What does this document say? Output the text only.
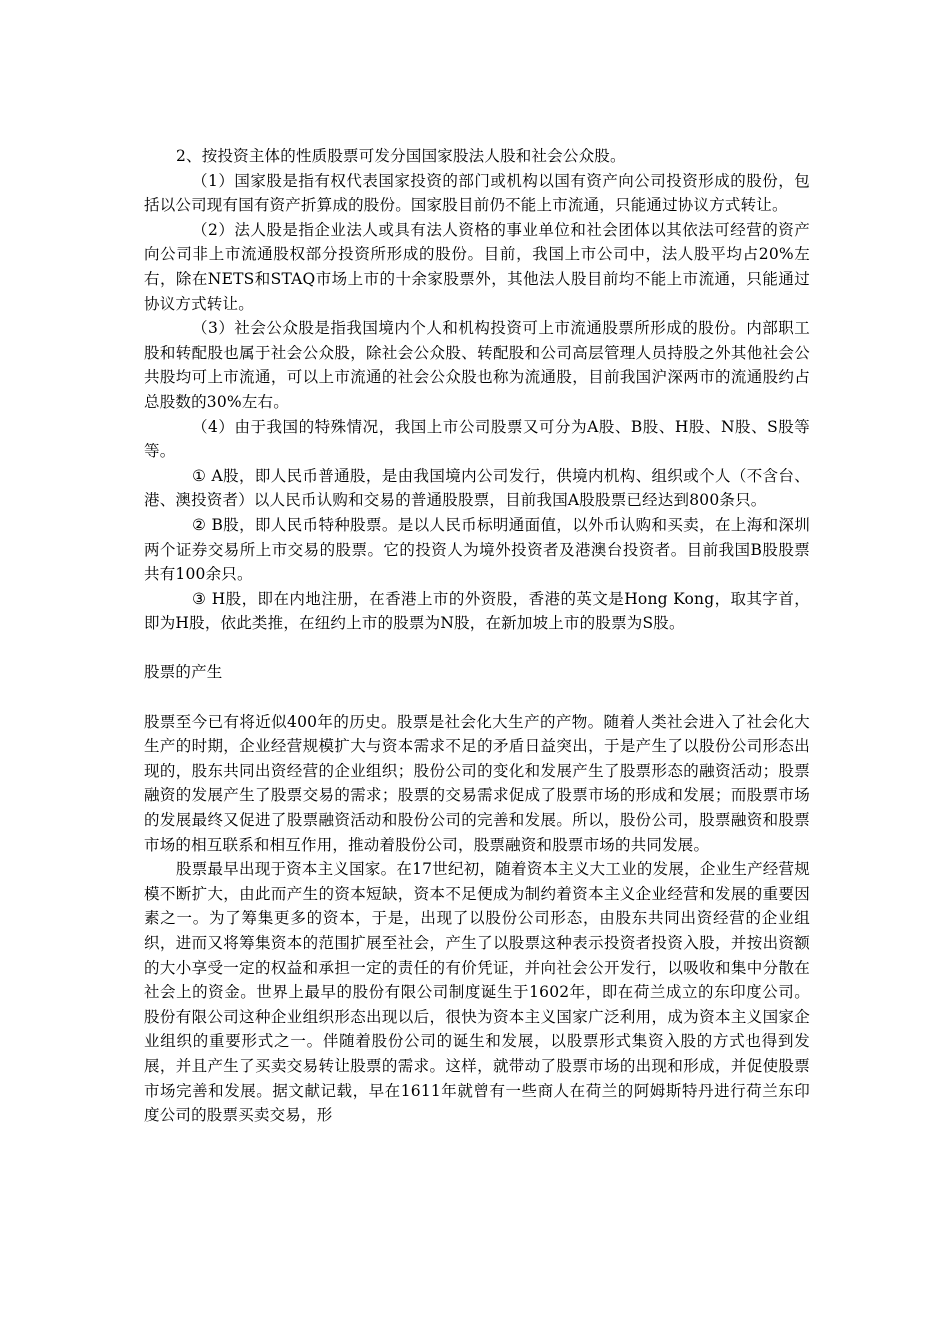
2、按投资主体的性质股票可发分国国家股法人股和社会公众股。

（1）国家股是指有权代表国家投资的部门或机构以国有资产向公司投资形成的股份，包括以公司现有国有资产折算成的股份。国家股目前仍不能上市流通，只能通过协议方式转让。

（2）法人股是指企业法人或具有法人资格的事业单位和社会团体以其依法可经营的资产向公司非上市流通股权部分投资所形成的股份。目前，我国上市公司中，法人股平均占20%左右，除在NETS和STAQ市场上市的十余家股票外，其他法人股目前均不能上市流通，只能通过协议方式转让。

（3）社会公众股是指我国境内个人和机构投资可上市流通股票所形成的股份。内部职工股和转配股也属于社会公众股，除社会公众股、转配股和公司高层管理人员持股之外其他社会公共股均可上市流通，可以上市流通的社会公众股也称为流通股，目前我国沪深两市的流通股约占总股数的30%左右。

（4）由于我国的特殊情况，我国上市公司股票又可分为A股、B股、H股、N股、S股等等。

① A股，即人民币普通股，是由我国境内公司发行，供境内机构、组织或个人（不含台、港、澳投资者）以人民币认购和交易的普通股股票，目前我国A股股票已经达到800条只。

② B股，即人民币特种股票。是以人民币标明通面值，以外币认购和买卖，在上海和深圳两个证券交易所上市交易的股票。它的投资人为境外投资者及港澳台投资者。目前我国B股股票共有100余只。

③ H股，即在内地注册，在香港上市的外资股，香港的英文是Hong Kong，取其字首，即为H股，依此类推，在纽约上市的股票为N股，在新加坡上市的股票为S股。

股票的产生

股票至今已有将近似400年的历史。股票是社会化大生产的产物。随着人类社会进入了社会化大生产的时期，企业经营规模扩大与资本需求不足的矛盾日益突出，于是产生了以股份公司形态出现的，股东共同出资经营的企业组织；股份公司的变化和发展产生了股票形态的融资活动；股票融资的发展产生了股票交易的需求；股票的交易需求促成了股票市场的形成和发展；而股票市场的发展最终又促进了股票融资活动和股份公司的完善和发展。所以，股份公司，股票融资和股票市场的相互联系和相互作用，推动着股份公司，股票融资和股票市场的共同发展。

股票最早出现于资本主义国家。在17世纪初，随着资本主义大工业的发展，企业生产经营规模不断扩大，由此而产生的资本短缺，资本不足便成为制约着资本主义企业经营和发展的重要因素之一。为了筹集更多的资本，于是，出现了以股份公司形态，由股东共同出资经营的企业组织，进而又将筹集资本的范围扩展至社会，产生了以股票这种表示投资者投资入股，并按出资额的大小享受一定的权益和承担一定的责任的有价凭证，并向社会公开发行，以吸收和集中分散在社会上的资金。世界上最早的股份有限公司制度诞生于1602年，即在荷兰成立的东印度公司。股份有限公司这种企业组织形态出现以后，很快为资本主义国家广泛利用，成为资本主义国家企业组织的重要形式之一。伴随着股份公司的诞生和发展，以股票形式集资入股的方式也得到发展，并且产生了买卖交易转让股票的需求。这样，就带动了股票市场的出现和形成，并促使股票市场完善和发展。据文献记载，早在1611年就曾有一些商人在荷兰的阿姆斯特丹进行荷兰东印度公司的股票买卖交易，形
